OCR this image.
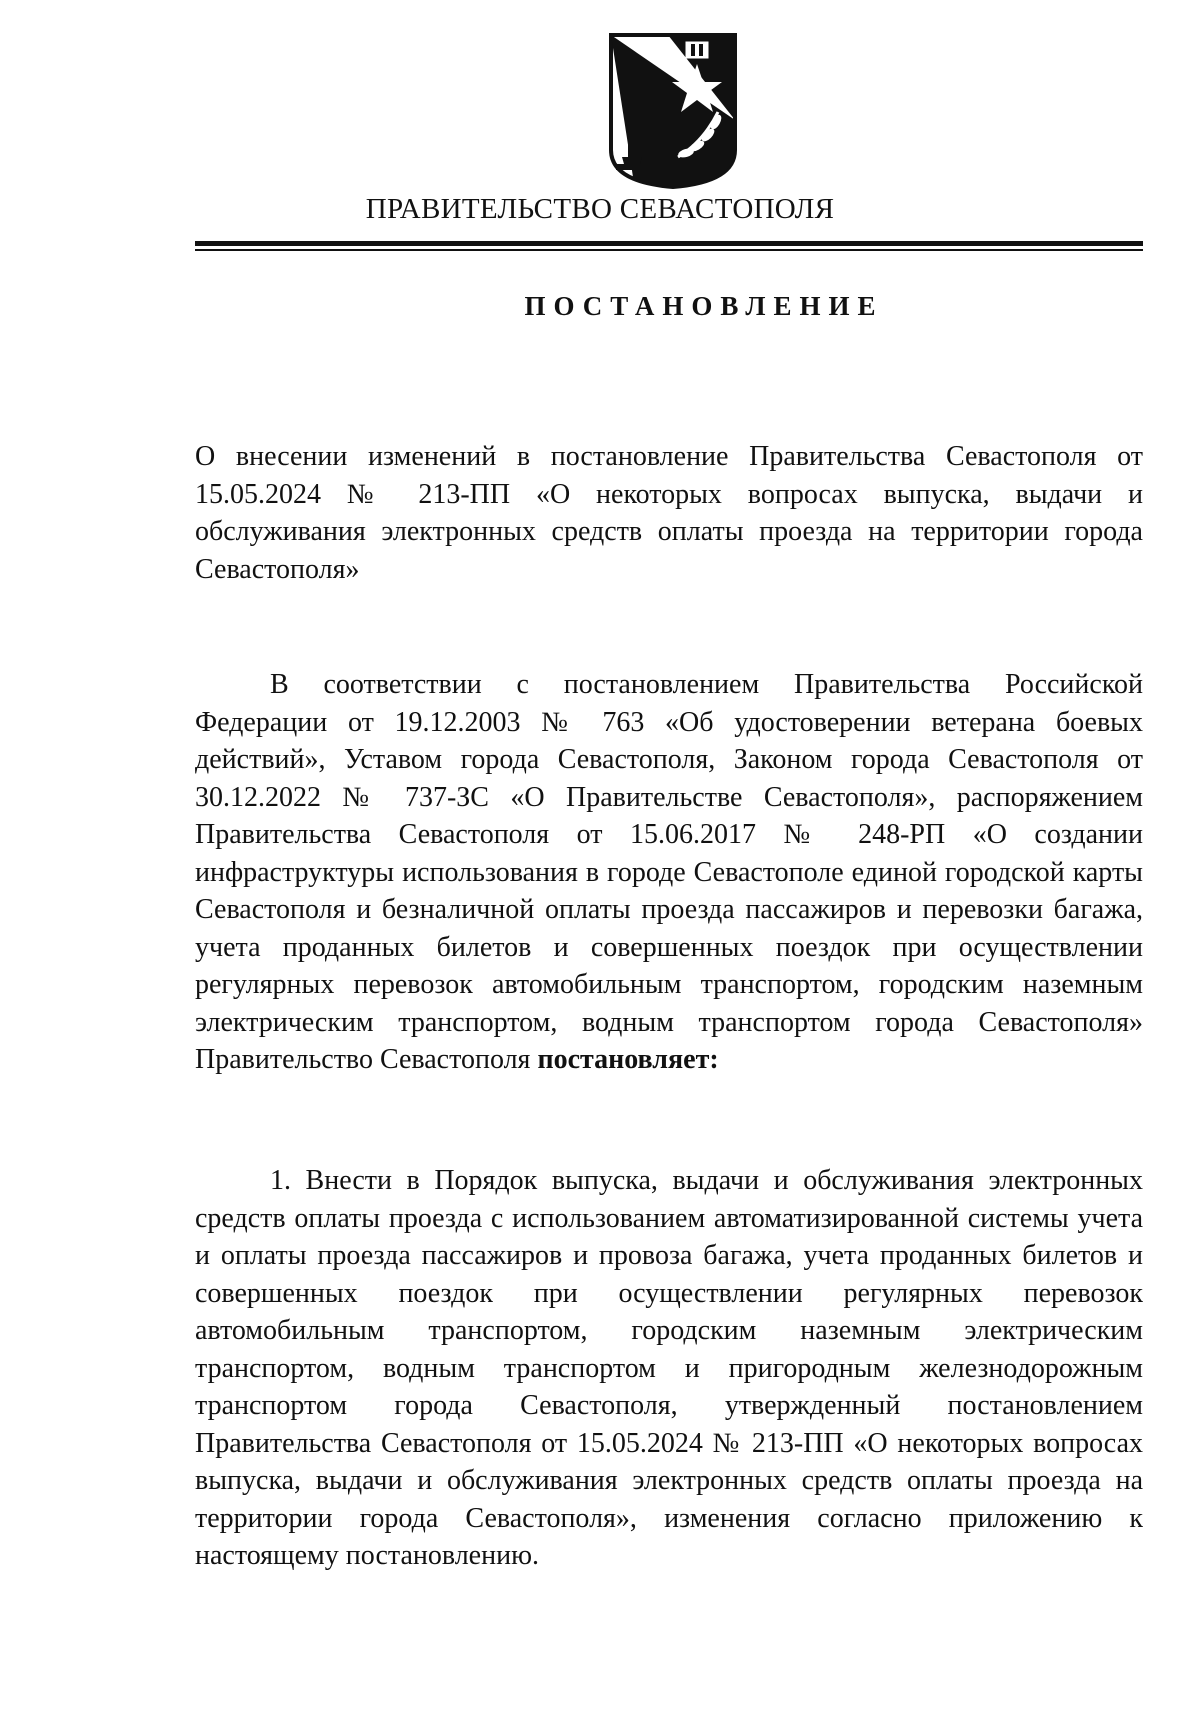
ПРАВИТЕЛЬСТВО СЕВАСТОПОЛЯ
ПОСТАНОВЛЕНИЕ
О внесении изменений в постановление Правительства Севастополя от 15.05.2024 № 213-ПП «О некоторых вопросах выпуска, выдачи и обслуживания электронных средств оплаты проезда на территории города Севастополя»
В соответствии с постановлением Правительства Российской Федерации от 19.12.2003 № 763 «Об удостоверении ветерана боевых действий», Уставом города Севастополя, Законом города Севастополя от 30.12.2022 № 737-ЗС «О Правительстве Севастополя», распоряжением Правительства Севастополя от 15.06.2017 № 248-РП «О создании инфраструктуры использования в городе Севастополе единой городской карты Севастополя и безналичной оплаты проезда пассажиров и перевозки багажа, учета проданных билетов и совершенных поездок при осуществлении регулярных перевозок автомобильным транспортом, городским наземным электрическим транспортом, водным транспортом города Севастополя» Правительство Севастополя постановляет:
1. Внести в Порядок выпуска, выдачи и обслуживания электронных средств оплаты проезда с использованием автоматизированной системы учета и оплаты проезда пассажиров и провоза багажа, учета проданных билетов и совершенных поездок при осуществлении регулярных перевозок автомобильным транспортом, городским наземным электрическим транспортом, водным транспортом и пригородным железнодорожным транспортом города Севастополя, утвержденный постановлением Правительства Севастополя от 15.05.2024 № 213-ПП «О некоторых вопросах выпуска, выдачи и обслуживания электронных средств оплаты проезда на территории города Севастополя», изменения согласно приложению к настоящему постановлению.
